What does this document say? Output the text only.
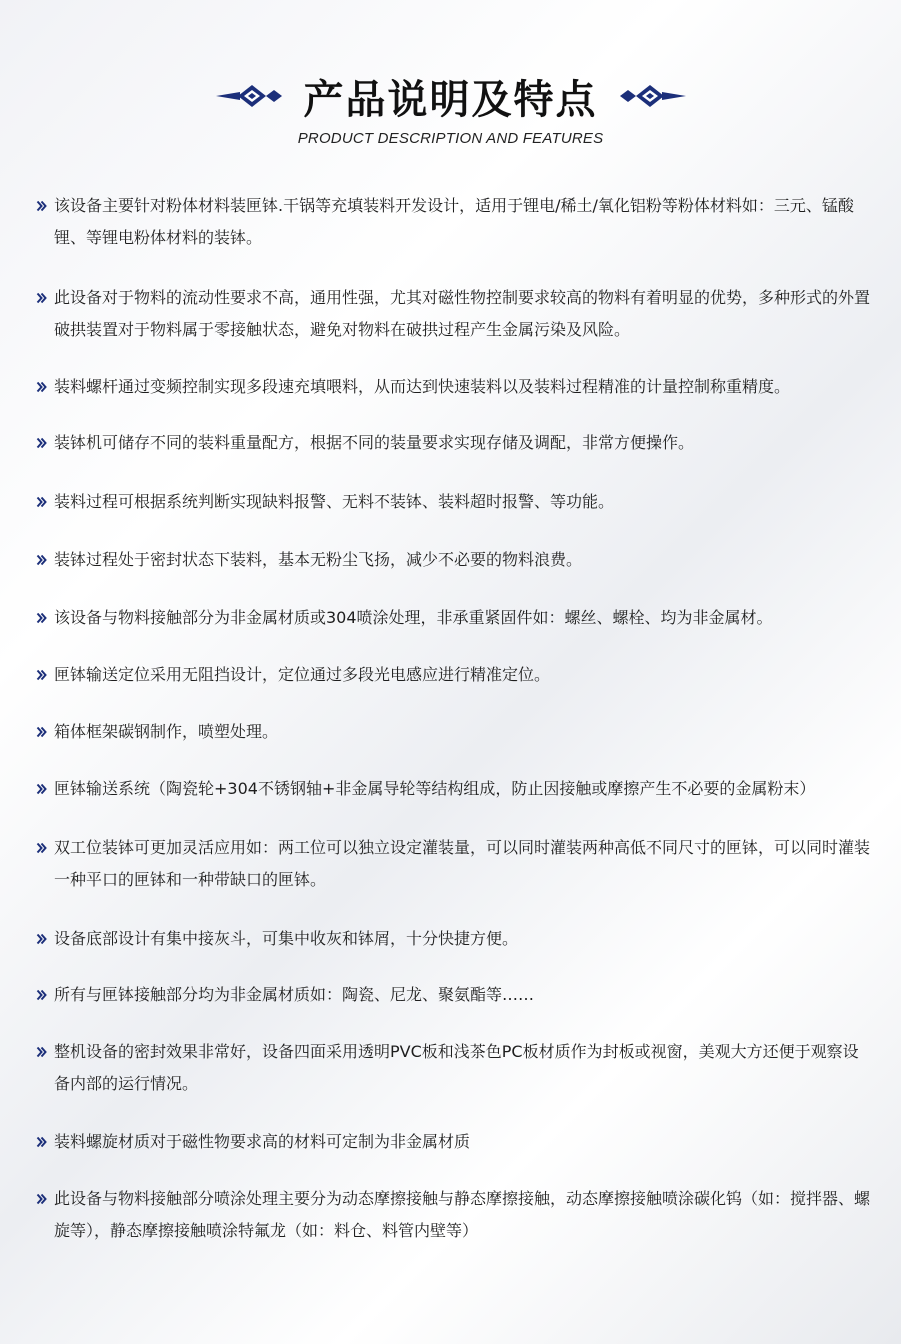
产品说明及特点
PRODUCT DESCRIPTION AND FEATURES
该设备主要针对粉体材料装匣钵.干锅等充填装料开发设计，适用于锂电/稀土/氧化铝粉等粉体材料如：三元、锰酸锂、等锂电粉体材料的装钵。
此设备对于物料的流动性要求不高，通用性强，尤其对磁性物控制要求较高的物料有着明显的优势，多种形式的外置破拱装置对于物料属于零接触状态，避免对物料在破拱过程产生金属污染及风险。
装料螺杆通过变频控制实现多段速充填喂料，从而达到快速装料以及装料过程精准的计量控制称重精度。
装钵机可储存不同的装料重量配方，根据不同的装量要求实现存储及调配，非常方便操作。
装料过程可根据系统判断实现缺料报警、无料不装钵、装料超时报警、等功能。
装钵过程处于密封状态下装料，基本无粉尘飞扬，减少不必要的物料浪费。
该设备与物料接触部分为非金属材质或304喷涂处理，非承重紧固件如：螺丝、螺栓、均为非金属材。
匣钵输送定位采用无阻挡设计，定位通过多段光电感应进行精准定位。
箱体框架碳钢制作，喷塑处理。
匣钵输送系统（陶瓷轮+304不锈钢轴+非金属导轮等结构组成，防止因接触或摩擦产生不必要的金属粉末）
双工位装钵可更加灵活应用如：两工位可以独立设定灌装量，可以同时灌装两种高低不同尺寸的匣钵，可以同时灌装一种平口的匣钵和一种带缺口的匣钵。
设备底部设计有集中接灰斗，可集中收灰和钵屑，十分快捷方便。
所有与匣钵接触部分均为非金属材质如：陶瓷、尼龙、聚氨酯等……
整机设备的密封效果非常好，设备四面采用透明PVC板和浅茶色PC板材质作为封板或视窗，美观大方还便于观察设备内部的运行情况。
装料螺旋材质对于磁性物要求高的材料可定制为非金属材质
此设备与物料接触部分喷涂处理主要分为动态摩擦接触与静态摩擦接触，动态摩擦接触喷涂碳化钨（如：搅拌器、螺旋等），静态摩擦接触喷涂特氟龙（如：料仓、料管内壁等）
